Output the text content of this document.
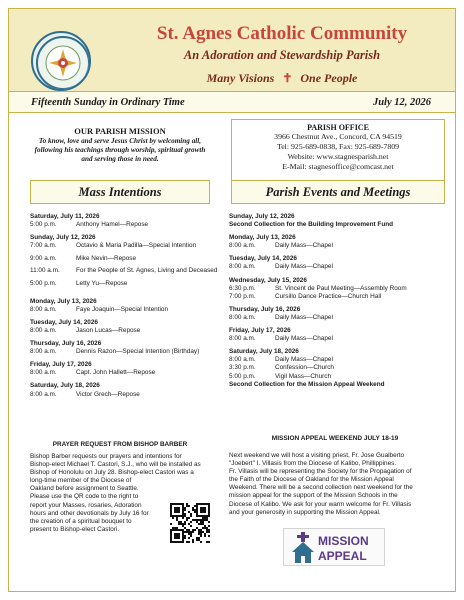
St. Agnes Catholic Community
An Adoration and Stewardship Parish
Many Visions ✝ One People
Fifteenth Sunday in Ordinary Time	July 12, 2026
OUR PARISH MISSION
To know, love and serve Jesus Christ by welcoming all, following his teachings through worship, spiritual growth and serving those in need.
PARISH OFFICE
3966 Chestnut Ave., Concord, CA 94519
Tel: 925-689-0838, Fax: 925-689-7809
Website: www.stagnesparish.net
E-Mail: stagnesoffice@comcast.net
Mass Intentions	Parish Events and Meetings
Saturday, July 11, 2026
5:00 p.m.	Anthony Hamel—Repose
Sunday, July 12, 2026
7:00 a.m.	Octavio & Maria Padilla—Special Intention
9:00 a.m.	Mike Nevin—Repose
11:00 a.m.	For the People of St. Agnes, Living and Deceased
5:00 p.m.	Letty Yu—Repose
Monday, July 13, 2026
8:00 a.m.	Faye Joaquin—Special Intention
Tuesday, July 14, 2026
8:00 a.m.	Jason Lucas—Repose
Thursday, July 16, 2026
8:00 a.m.	Dennis Razon—Special Intention (Birthday)
Friday, July 17, 2026
8:00 a.m.	Capt. John Hallett—Repose
Saturday, July 18, 2026
8:00 a.m.	Victor Grech—Repose
Sunday, July 12, 2026
Second Collection for the Building Improvement Fund
Monday, July 13, 2026
8:00 a.m.	Daily Mass—Chapel
Tuesday, July 14, 2026
8:00 a.m.	Daily Mass—Chapel
Wednesday, July 15, 2026
6:30 p.m.	St. Vincent de Paul Meeting—Assembly Room
7:00 p.m.	Cursillo Dance Practice—Church Hall
Thursday, July 16, 2026
8:00 a.m.	Daily Mass—Chapel
Friday, July 17, 2026
8:00 a.m.	Daily Mass—Chapel
Saturday, July 18, 2026
8:00 a.m.	Daily Mass—Chapel
3:30 p.m.	Confession—Church
5:00 p.m.	Vigil Mass—Church
Second Collection for the Mission Appeal Weekend
PRAYER REQUEST FROM BISHOP BARBER
Bishop Barber requests our prayers and intentions for
Bishop-elect Michael T. Castori, S.J., who will be installed as
Bishop of Honolulu on July 28. Bishop-elect Castori was a
long-time member of the Diocese of
Oakland before assignment to Seattle.
Please use the QR code to the right to
report your Masses, rosaries, Adoration
hours and other devotionals by July 16 for
the creation of a spiritual bouquet to
present to Bishop-elect Castori.
MISSION APPEAL WEEKEND JULY 18-19
Next weekend we will host a visiting priest, Fr. Jose Gualberto
"Joebert" I. Villasis from the Diocese of Kalibo, Phillippines.
Fr. Villasis will be representing the Society for the Propagation of
the Faith of the Diocese of Oakland for the Mission Appeal
Weekend. There will be a second collection next weekend for the
mission appeal for the support of the Mission Schools in the
Diocese of Kalibo. We ask for your warm welcome for Fr. Villasis
and your generosity in supporting the Mission Appeal.
MISSION
APPEAL
